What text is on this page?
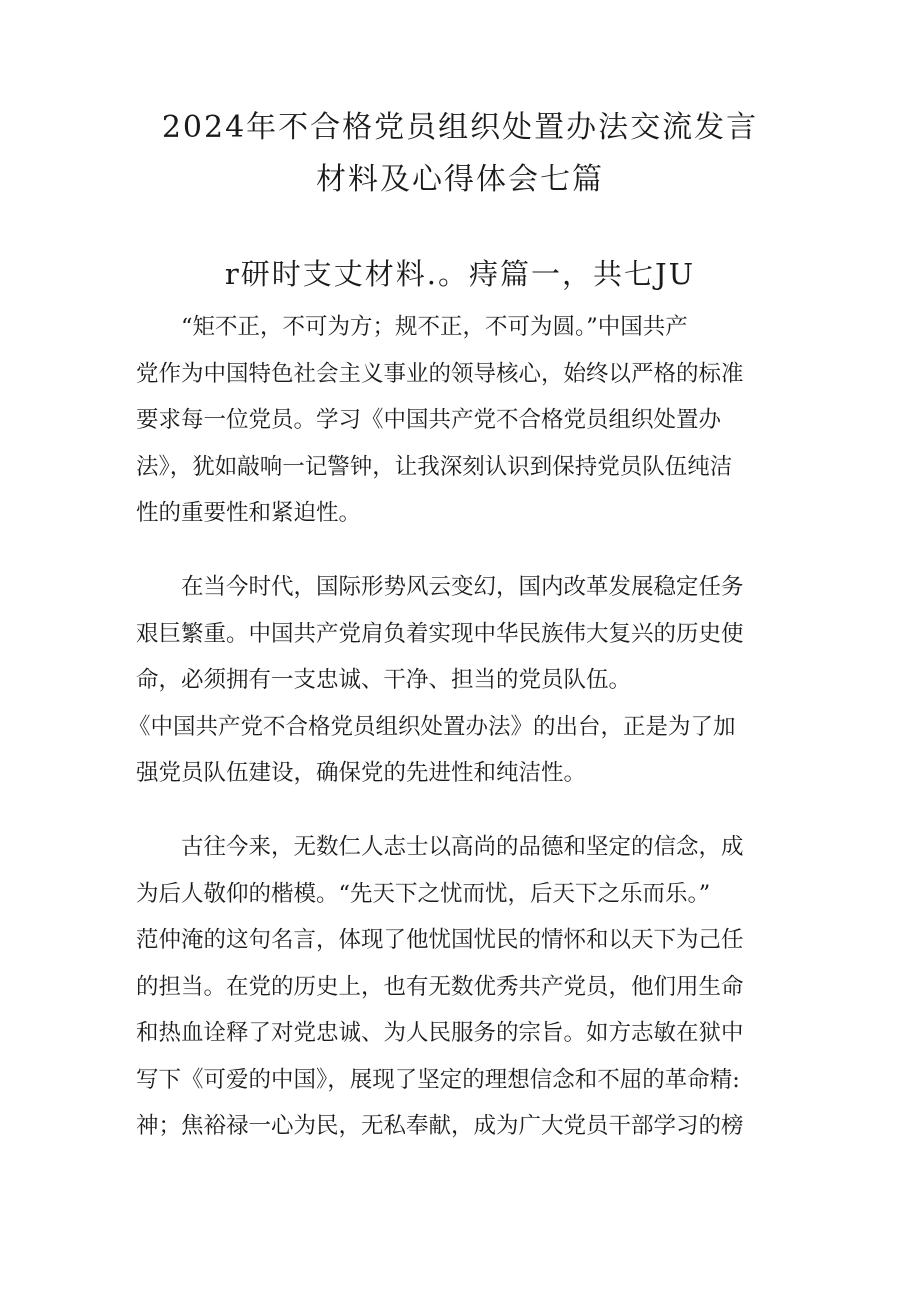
2024年不合格党员组织处置办法交流发言
材料及心得体会七篇
r研时支丈材料.。痔篇一，共七JU

“矩不正，不可为方；规不正，不可为圆。”中国共产
党作为中国特色社会主义事业的领导核心，始终以严格的标准
要求每一位党员。学习《中国共产党不合格党员组织处置办
法》，犹如敲响一记警钟，让我深刻认识到保持党员队伍纯洁
性的重要性和紧迫性。

在当今时代，国际形势风云变幻，国内改革发展稳定任务
艰巨繁重。中国共产党肩负着实现中华民族伟大复兴的历史使
命，必须拥有一支忠诚、干净、担当的党员队伍。
《中国共产党不合格党员组织处置办法》的出台，正是为了加
强党员队伍建设，确保党的先进性和纯洁性。

古往今来，无数仁人志士以高尚的品德和坚定的信念，成
为后人敬仰的楷模。“先天下之忧而忧，后天下之乐而乐。”
范仲淹的这句名言，体现了他忧国忧民的情怀和以天下为己任
的担当。在党的历史上，也有无数优秀共产党员，他们用生命
和热血诠释了对党忠诚、为人民服务的宗旨。如方志敏在狱中
写下《可爱的中国》，展现了坚定的理想信念和不屈的革命精:
神；焦裕禄一心为民，无私奉献，成为广大党员干部学习的榜
